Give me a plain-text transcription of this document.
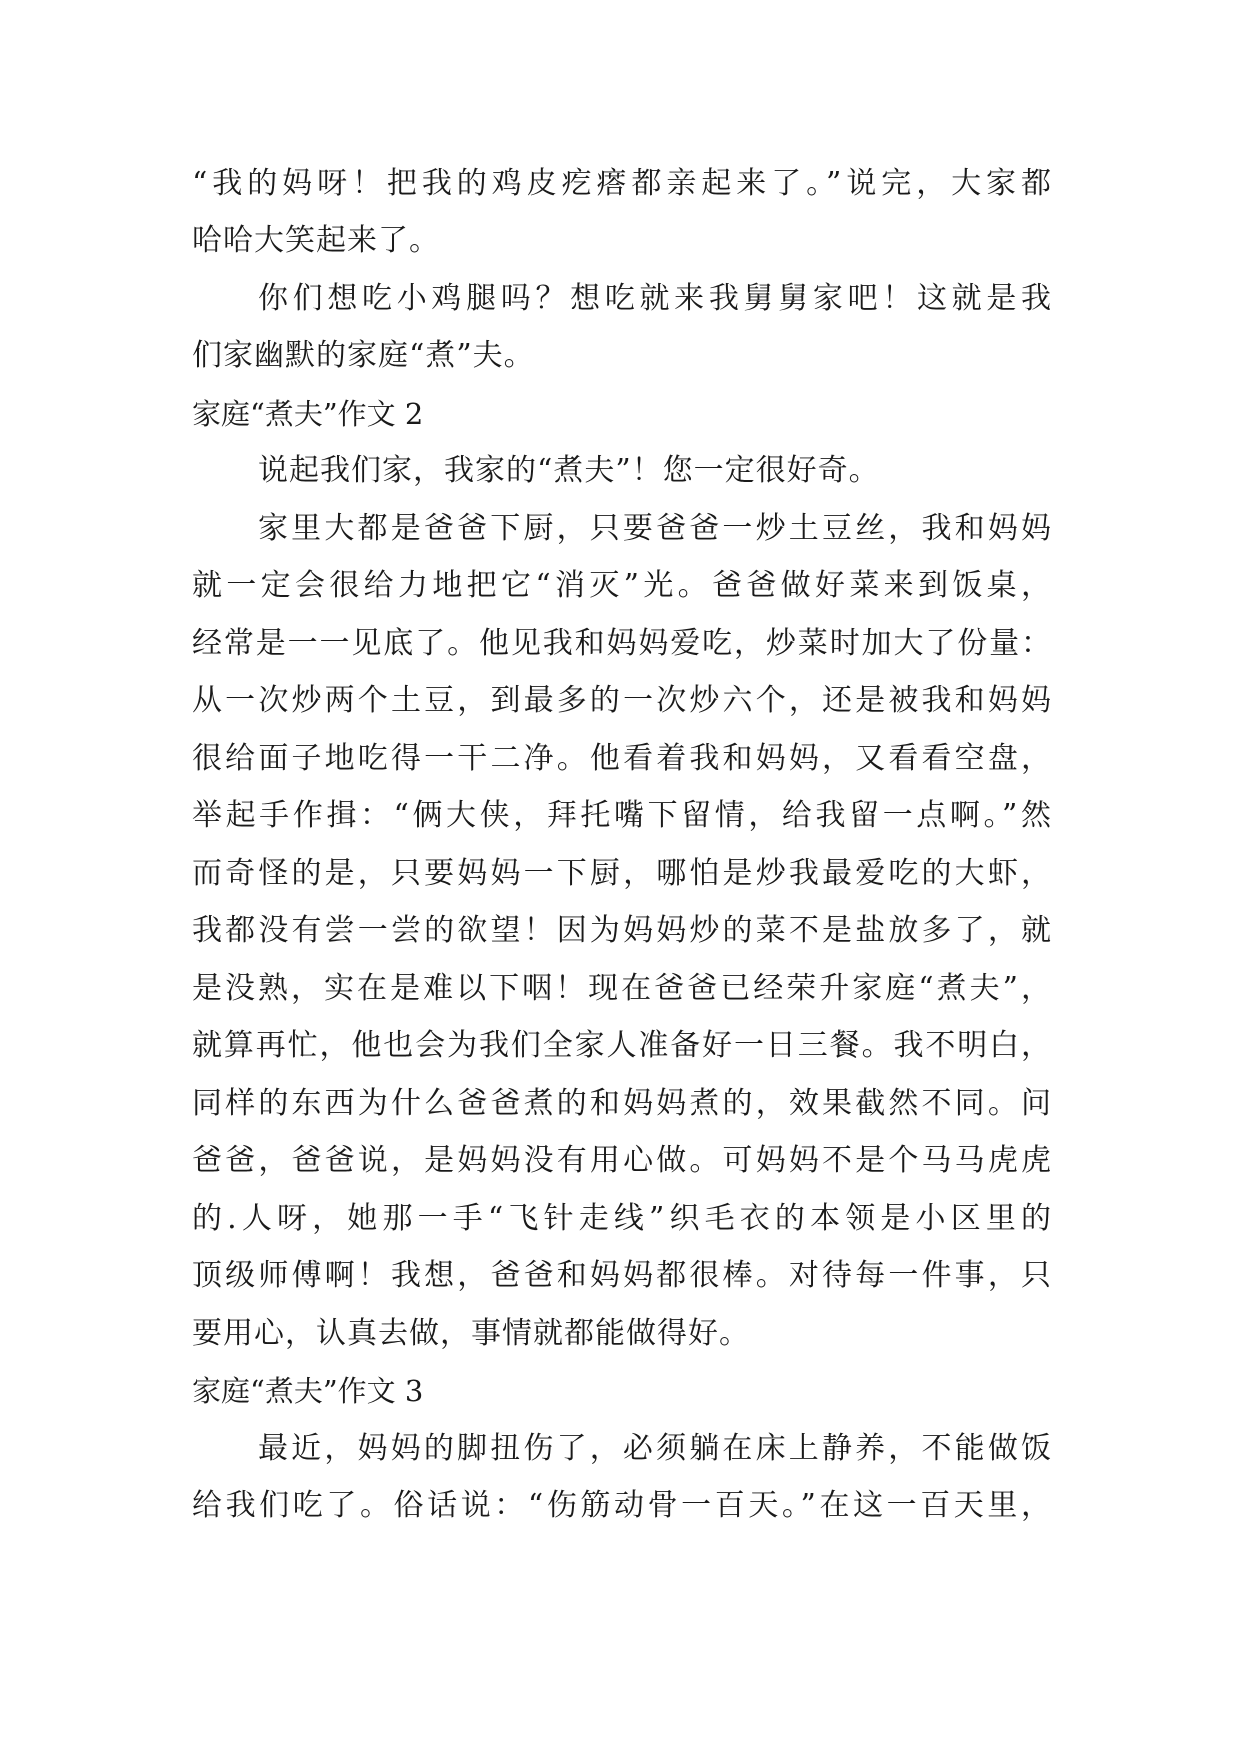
“我的妈呀！把我的鸡皮疙瘩都亲起来了。”说完，大家都
哈哈大笑起来了。
你们想吃小鸡腿吗？想吃就来我舅舅家吧！这就是我
们家幽默的家庭“煮”夫。
家庭“煮夫”作文 2
说起我们家，我家的“煮夫”！您一定很好奇。
家里大都是爸爸下厨，只要爸爸一炒土豆丝，我和妈妈
就一定会很给力地把它“消灭”光。爸爸做好菜来到饭桌，
经常是一一见底了。他见我和妈妈爱吃，炒菜时加大了份量：
从一次炒两个土豆，到最多的一次炒六个，还是被我和妈妈
很给面子地吃得一干二净。他看着我和妈妈，又看看空盘，
举起手作揖：“俩大侠，拜托嘴下留情，给我留一点啊。”然
而奇怪的是，只要妈妈一下厨，哪怕是炒我最爱吃的大虾，
我都没有尝一尝的欲望！因为妈妈炒的菜不是盐放多了，就
是没熟，实在是难以下咽！现在爸爸已经荣升家庭“煮夫”，
就算再忙，他也会为我们全家人准备好一日三餐。我不明白，
同样的东西为什么爸爸煮的和妈妈煮的，效果截然不同。问
爸爸，爸爸说，是妈妈没有用心做。可妈妈不是个马马虎虎
的.人呀，她那一手“飞针走线”织毛衣的本领是小区里的
顶级师傅啊！我想，爸爸和妈妈都很棒。对待每一件事，只
要用心，认真去做，事情就都能做得好。
家庭“煮夫”作文 3
最近，妈妈的脚扭伤了，必须躺在床上静养，不能做饭
给我们吃了。俗话说：“伤筋动骨一百天。”在这一百天里，
